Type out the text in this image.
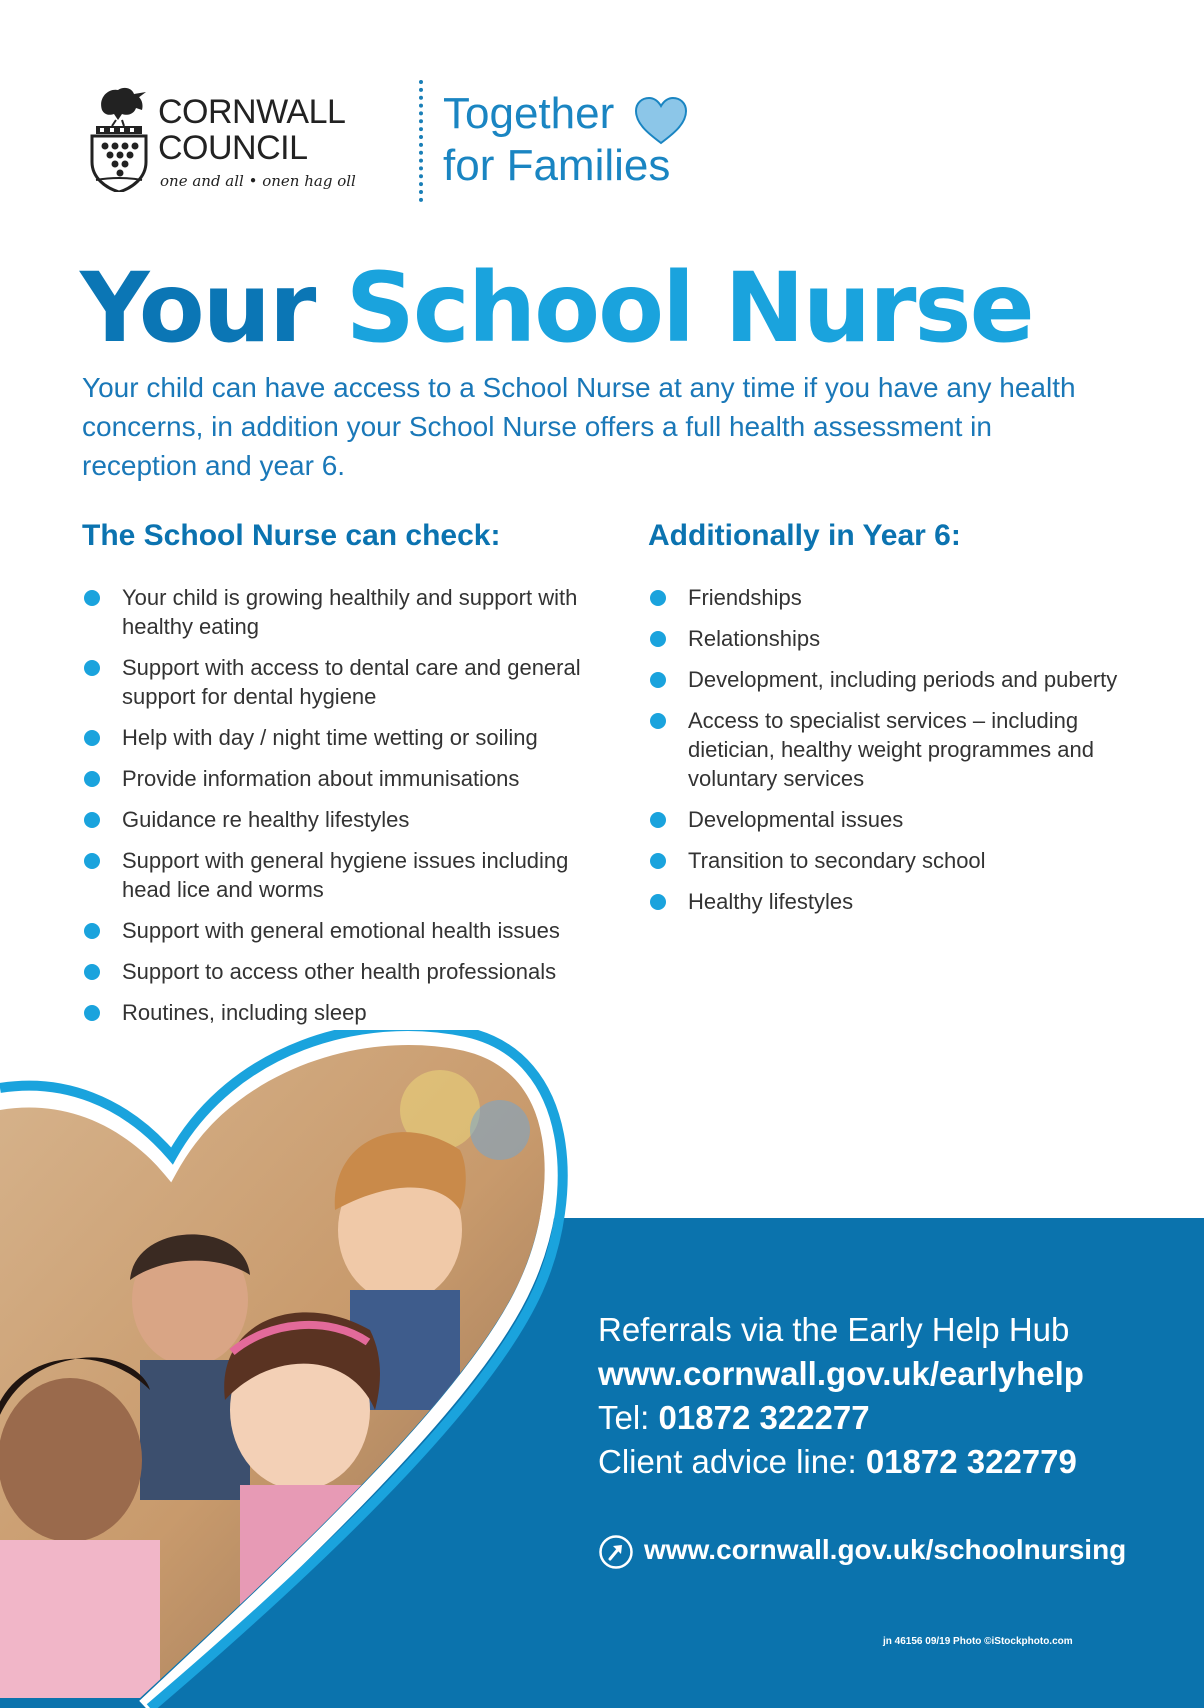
CORNWALL
COUNCIL
one and all • onen hag oll
Together
for Families
Your School Nurse
Your child can have access to a School Nurse at any time if you have any health concerns, in addition your School Nurse offers a full health assessment in reception and year 6.
The School Nurse can check:
Your child is growing healthily and support with healthy eating
Support with access to dental care and general support for dental hygiene
Help with day / night time wetting or soiling
Provide information about immunisations
Guidance re healthy lifestyles
Support with general hygiene issues including head lice and worms
Support with general emotional health issues
Support to access other health professionals
Routines, including sleep
Additionally in Year 6:
Friendships
Relationships
Development, including periods and puberty
Access to specialist services – including dietician, healthy weight programmes and voluntary services
Developmental issues
Transition to secondary school
Healthy lifestyles
Referrals via the Early Help Hub
www.cornwall.gov.uk/earlyhelp
Tel: 01872 322277
Client advice line: 01872 322779
www.cornwall.gov.uk/schoolnursing
jn 46156 09/19 Photo ©iStockphoto.com
